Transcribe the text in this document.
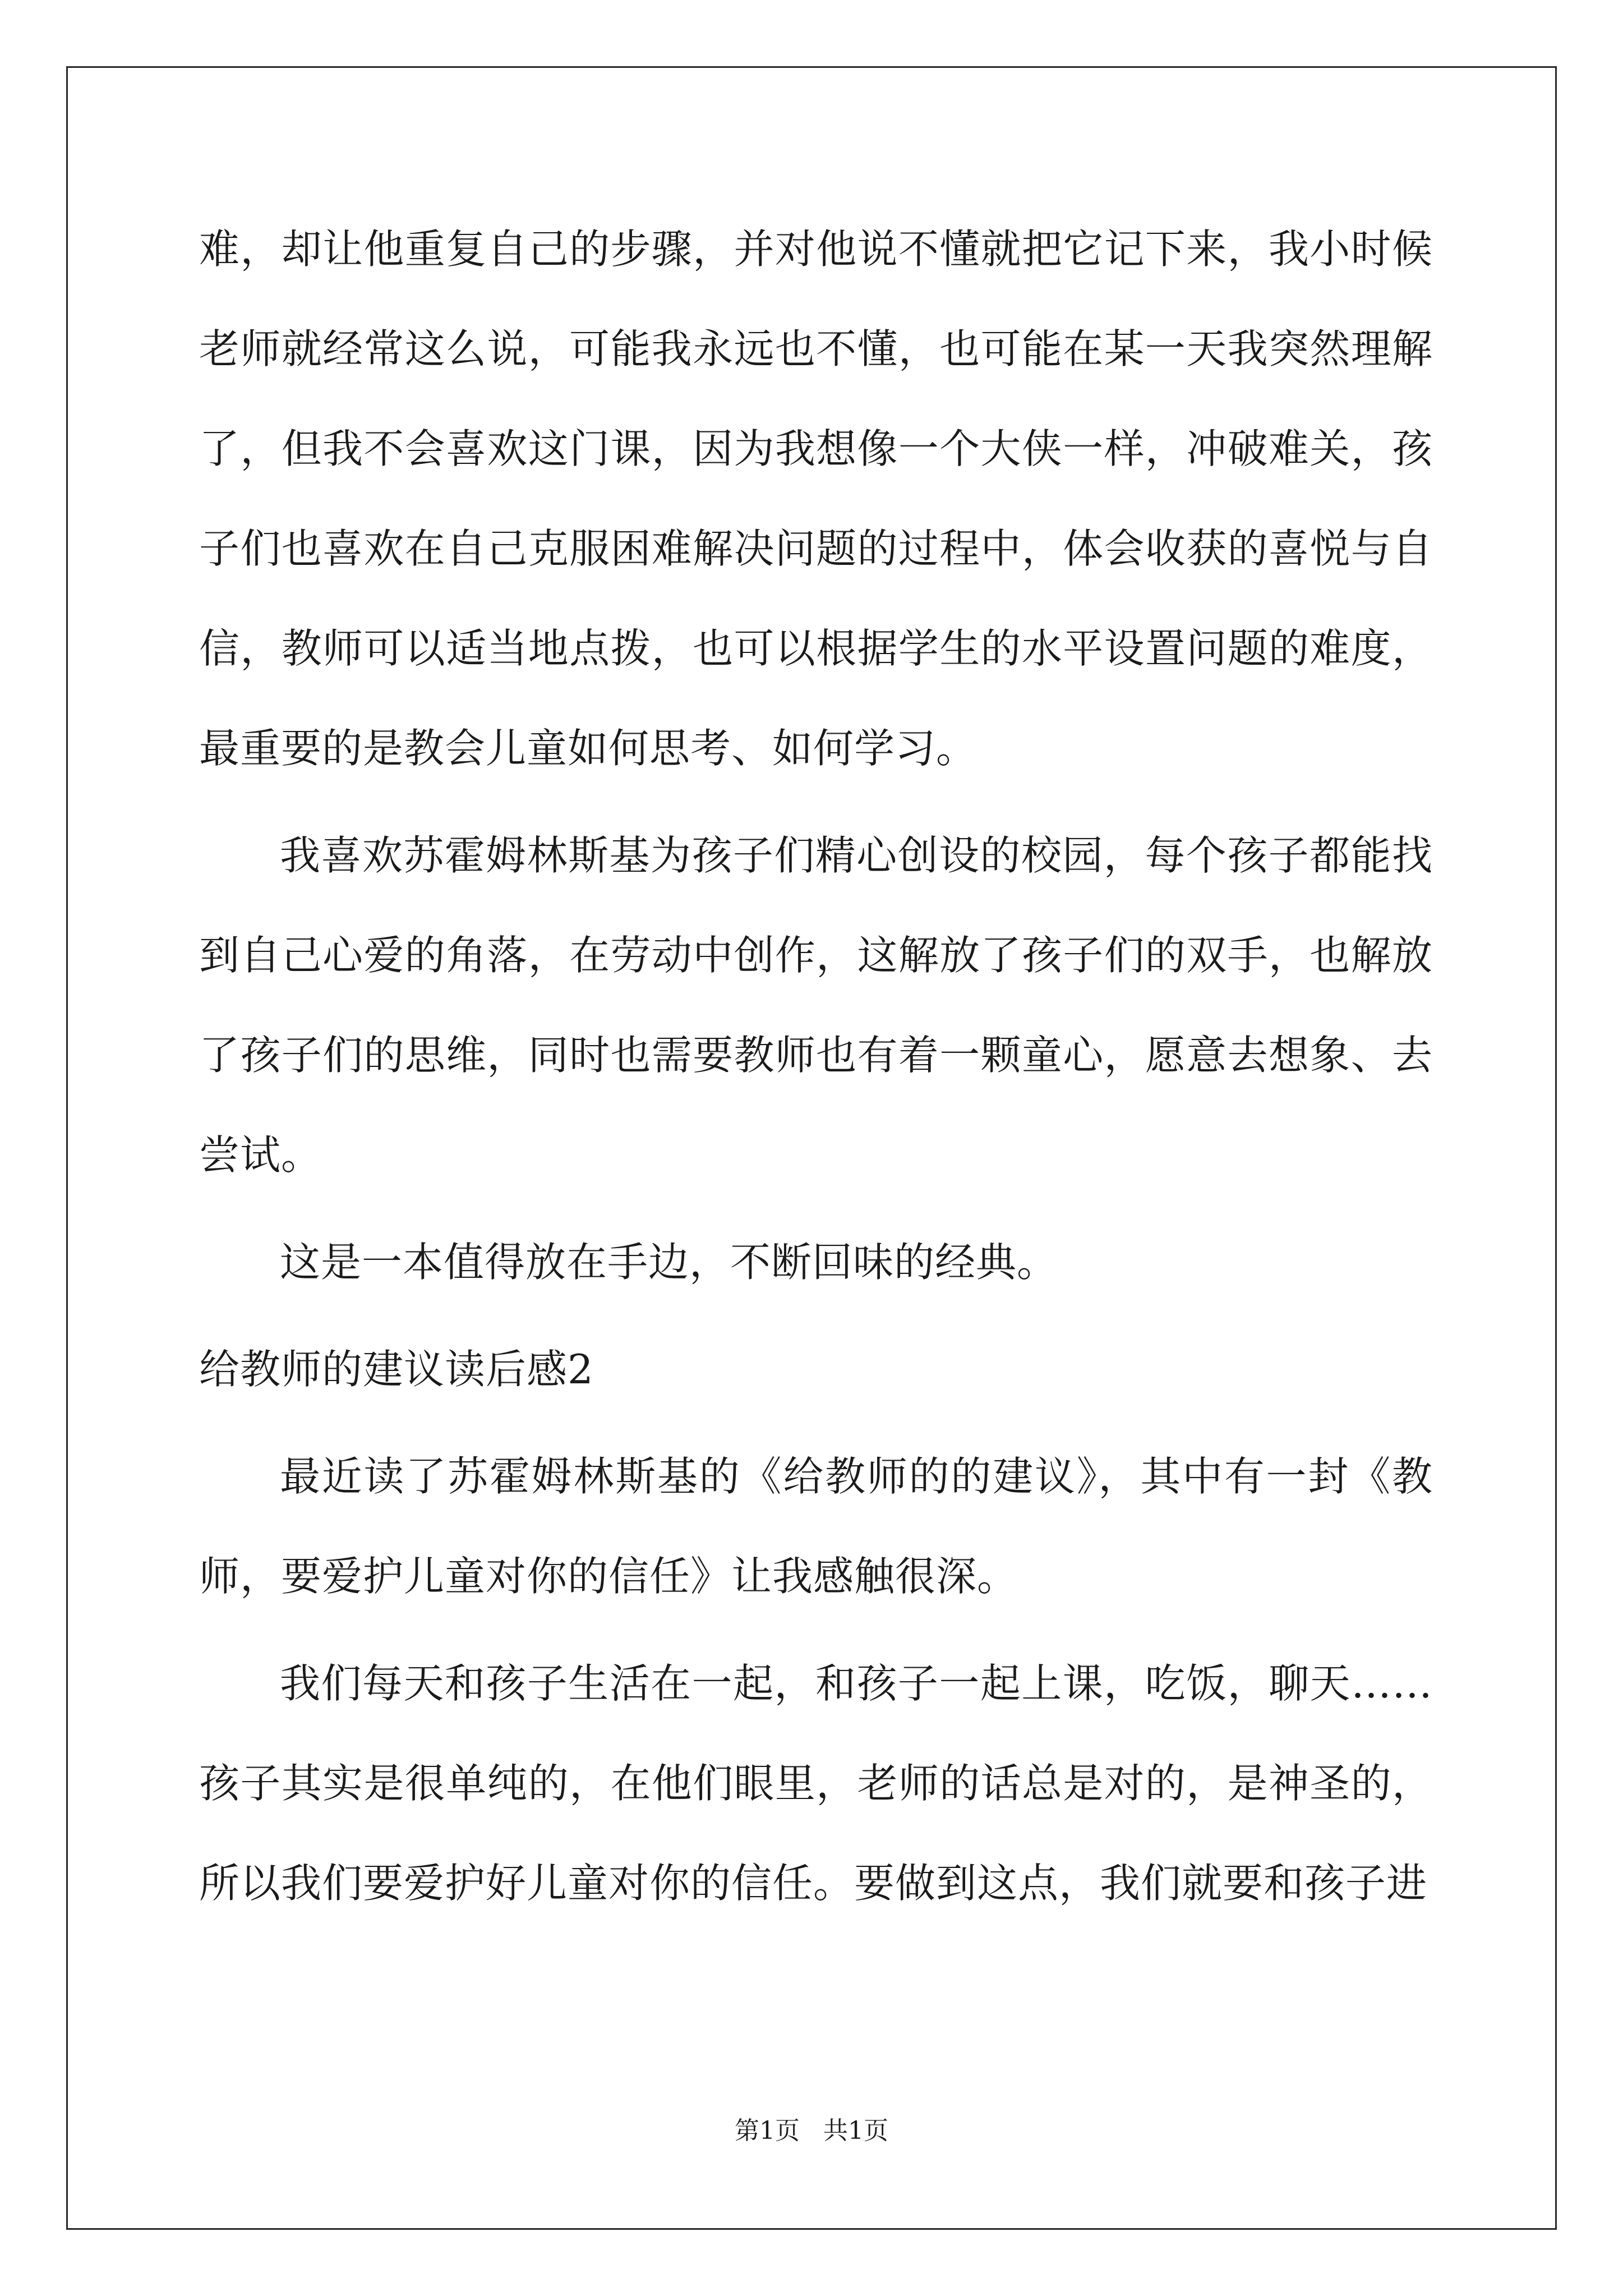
难，却让他重复自己的步骤，并对他说不懂就把它记下来，我小时候老师就经常这么说，可能我永远也不懂，也可能在某一天我突然理解了，但我不会喜欢这门课，因为我想像一个大侠一样，冲破难关，孩子们也喜欢在自己克服困难解决问题的过程中，体会收获的喜悦与自信，教师可以适当地点拨，也可以根据学生的水平设置问题的难度，最重要的是教会儿童如何思考、如何学习。

我喜欢苏霍姆林斯基为孩子们精心创设的校园，每个孩子都能找到自己心爱的角落，在劳动中创作，这解放了孩子们的双手，也解放了孩子们的思维，同时也需要教师也有着一颗童心，愿意去想象、去尝试。

这是一本值得放在手边，不断回味的经典。

给教师的建议读后感2

最近读了苏霍姆林斯基的《给教师的的建议》，其中有一封《教师，要爱护儿童对你的信任》让我感触很深。

我们每天和孩子生活在一起，和孩子一起上课，吃饭，聊天……孩子其实是很单纯的，在他们眼里，老师的话总是对的，是神圣的，所以我们要爱护好儿童对你的信任。要做到这点，我们就要和孩子进

第1页   共1页
